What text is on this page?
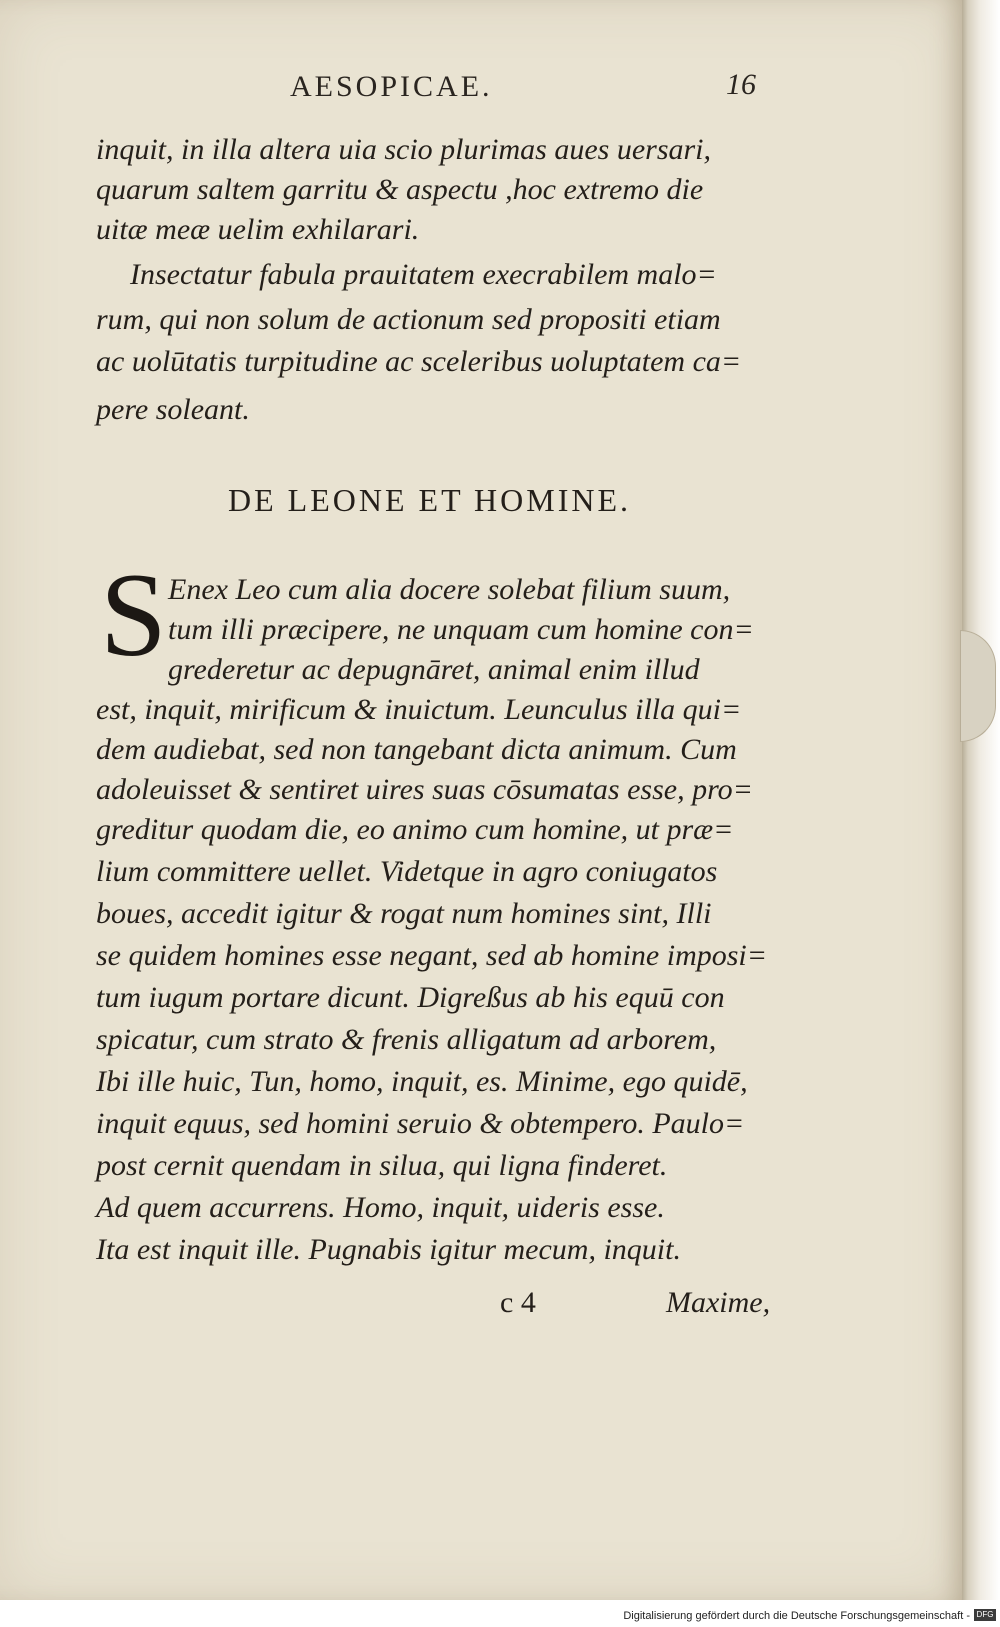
AESOPICAE.	16
inquit, in illa altera uia scio plurimas aues uersari,
quarum saltem garritu & aspectu ,hoc extremo die
uitæ meæ uelim exhilarari.
Insectatur fabula prauitatem execrabilem malo=
rum, qui non solum de actionum sed propositi etiam
ac uolūtatis turpitudine ac sceleribus uoluptatem ca=
pere soleant.
DE LEONE ET HOMINE.
S Enex Leo cum alia docere solebat filium suum,
tum illi præcipere, ne unquam cum homine con=
grederetur ac depugnāret, animal enim illud
est, inquit, mirificum & inuictum. Leunculus illa qui=
dem audiebat, sed non tangebant dicta animum. Cum
adoleuisset & sentiret uires suas cōsumatas esse, pro=
greditur quodam die, eo animo cum homine, ut præ=
lium committere uellet. Videtque in agro coniugatos
boues, accedit igitur & rogat num homines sint, Illi
se quidem homines esse negant, sed ab homine imposi=
tum iugum portare dicunt. Digreßus ab his equū con
spicatur, cum strato & frenis alligatum ad arborem,
Ibi ille huic, Tun, homo, inquit, es. Minime, ego quidē,
inquit equus, sed homini seruio & obtempero. Paulo=
post cernit quendam in silua, qui ligna finderet.
Ad quem accurrens. Homo, inquit, uideris esse.
Ita est inquit ille. Pugnabis igitur mecum, inquit.
c 4	Maxime,
Digitalisierung gefördert durch die Deutsche Forschungsgemeinschaft - DFG
